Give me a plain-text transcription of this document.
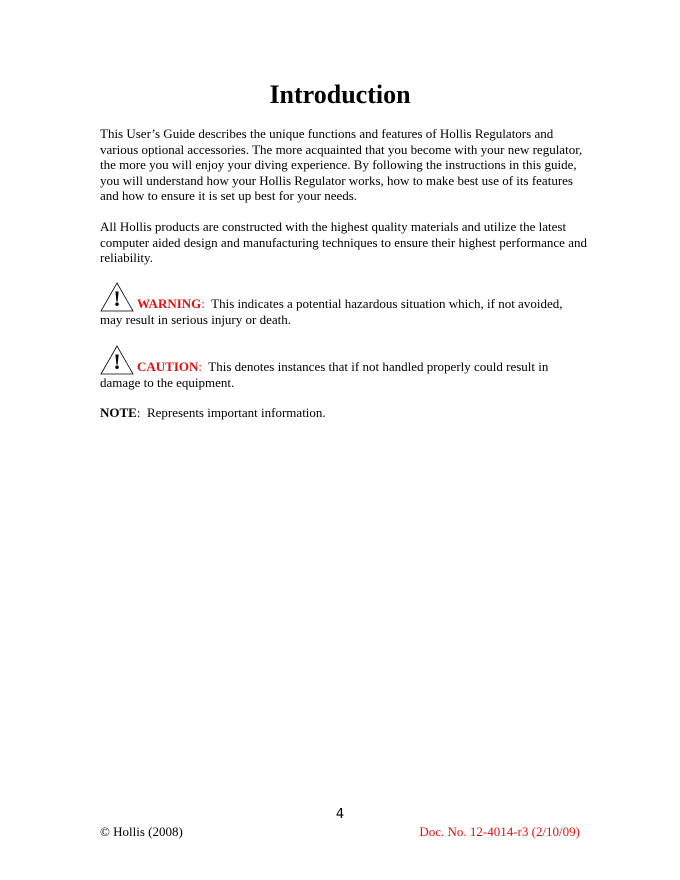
Introduction
This User’s Guide describes the unique functions and features of Hollis Regulators and various optional accessories. The more acquainted that you become with your new regulator, the more you will enjoy your diving experience. By following the instructions in this guide, you will understand how your Hollis Regulator works, how to make best use of its features and how to ensure it is set up best for your needs.
All Hollis products are constructed with the highest quality materials and utilize the latest computer aided design and manufacturing techniques to ensure their highest performance and reliability.
! WARNING:  This indicates a potential hazardous situation which, if not avoided,
may result in serious injury or death.
! CAUTION:  This denotes instances that if not handled properly could result in
damage to the equipment.
NOTE:  Represents important information.
4
© Hollis (2008)	Doc. No. 12-4014-r3 (2/10/09)
